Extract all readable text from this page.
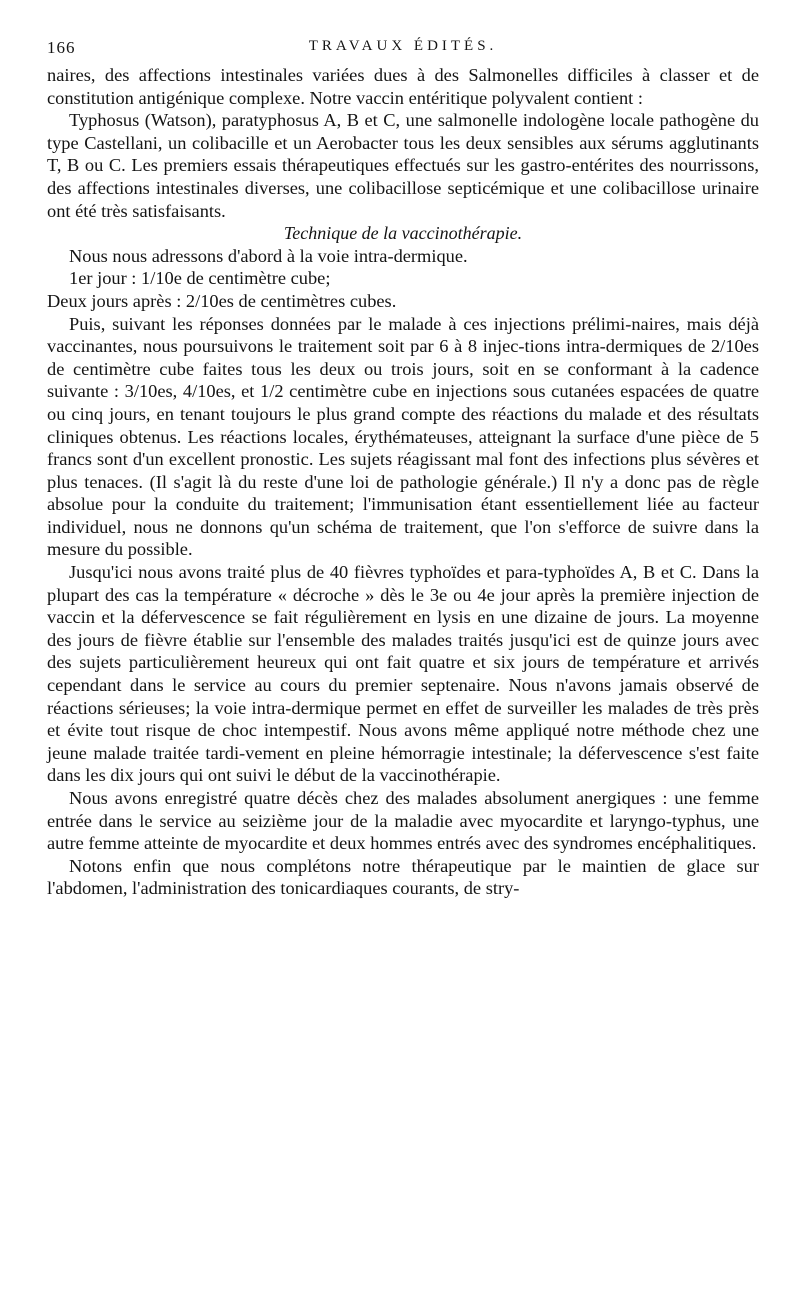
166	TRAVAUX ÉDITÉS.

naires, des affections intestinales variées dues à des Salmonelles difficiles à classer et de constitution antigénique complexe. Notre vaccin entéritique polyvalent contient :

Typhosus (Watson), paratyphosus A, B et C, une salmonelle indologène locale pathogène du type Castellani, un colibacille et un Aerobacter tous les deux sensibles aux sérums agglutinants T, B ou C. Les premiers essais thérapeutiques effectués sur les gastro-entérites des nourrissons, des affections intestinales diverses, une colibacillose septicémique et une colibacillose urinaire ont été très satisfaisants.

Technique de la vaccinothérapie.

Nous nous adressons d'abord à la voie intra-dermique.

1er jour : 1/10e de centimètre cube;

Deux jours après : 2/10es de centimètres cubes.

Puis, suivant les réponses données par le malade à ces injections prélimi-naires, mais déjà vaccinantes, nous poursuivons le traitement soit par 6 à 8 injec-tions intra-dermiques de 2/10es de centimètre cube faites tous les deux ou trois jours, soit en se conformant à la cadence suivante : 3/10es, 4/10es, et 1/2 centimètre cube en injections sous cutanées espacées de quatre ou cinq jours, en tenant toujours le plus grand compte des réactions du malade et des résultats cliniques obtenus. Les réactions locales, érythémateuses, atteignant la surface d'une pièce de 5 francs sont d'un excellent pronostic. Les sujets réagissant mal font des infections plus sévères et plus tenaces. (Il s'agit là du reste d'une loi de pathologie générale.) Il n'y a donc pas de règle absolue pour la conduite du traitement; l'immunisation étant essentiellement liée au facteur individuel, nous ne donnons qu'un schéma de traitement, que l'on s'efforce de suivre dans la mesure du possible.

Jusqu'ici nous avons traité plus de 40 fièvres typhoïdes et para-typhoïdes A, B et C. Dans la plupart des cas la température « décroche » dès le 3e ou 4e jour après la première injection de vaccin et la défervescence se fait régulièrement en lysis en une dizaine de jours. La moyenne des jours de fièvre établie sur l'ensemble des malades traités jusqu'ici est de quinze jours avec des sujets particulièrement heureux qui ont fait quatre et six jours de température et arrivés cependant dans le service au cours du premier septenaire. Nous n'avons jamais observé de réactions sérieuses; la voie intra-dermique permet en effet de surveiller les malades de très près et évite tout risque de choc intempestif. Nous avons même appliqué notre méthode chez une jeune malade traitée tardi-vement en pleine hémorragie intestinale; la défervescence s'est faite dans les dix jours qui ont suivi le début de la vaccinothérapie.

Nous avons enregistré quatre décès chez des malades absolument anergiques : une femme entrée dans le service au seizième jour de la maladie avec myocardite et laryngo-typhus, une autre femme atteinte de myocardite et deux hommes entrés avec des syndromes encéphalitiques.

Notons enfin que nous complétons notre thérapeutique par le maintien de glace sur l'abdomen, l'administration des tonicardiaques courants, de stry-
